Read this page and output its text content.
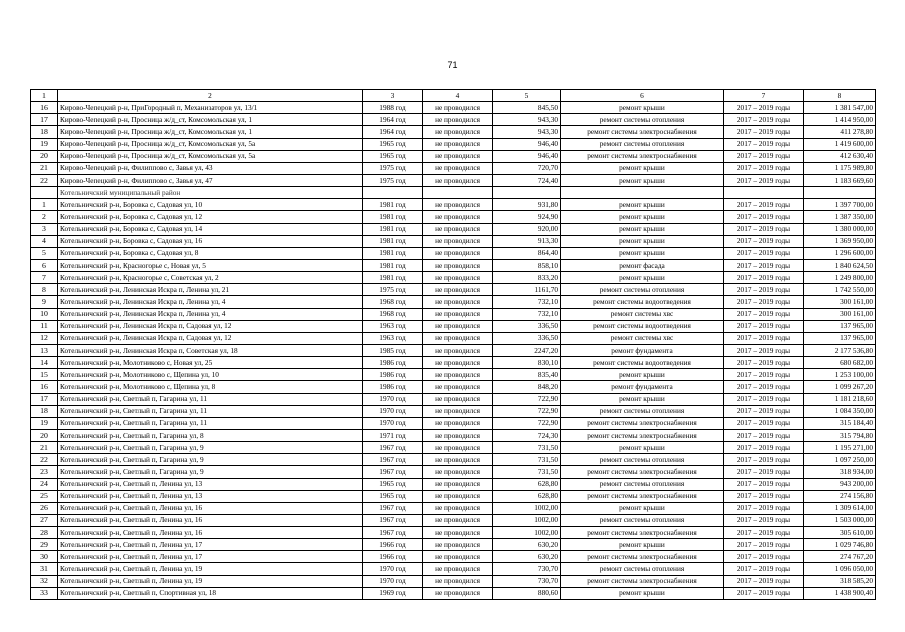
71
1	2	3	4	5	6	7	8
16	Кирово-Чепецкий р-н, ПриГородный п, Механизаторов ул, 13/1	1988 год	не проводился	845,50	ремонт крыши	2017 – 2019 годы	1 381 547,00
17	Кирово-Чепецкий р-н, Просница ж/д_ст, Комсомольская ул, 1	1964 год	не проводился	943,30	ремонт системы отопления	2017 – 2019 годы	1 414 950,00
18	Кирово-Чепецкий р-н, Просница ж/д_ст, Комсомольская ул, 1	1964 год	не проводился	943,30	ремонт системы электроснабжения	2017 – 2019 годы	411 278,80
19	Кирово-Чепецкий р-н, Просница ж/д_ст, Комсомольская ул, 5а	1965 год	не проводился	946,40	ремонт системы отопления	2017 – 2019 годы	1 419 600,00
20	Кирово-Чепецкий р-н, Просница ж/д_ст, Комсомольская ул, 5а	1965 год	не проводился	946,40	ремонт системы электроснабжения	2017 – 2019 годы	412 630,40
21	Кирово-Чепецкий р-н, Филиппово с, Завья ул, 43	1975 год	не проводился	720,70	ремонт крыши	2017 – 2019 годы	1 175 989,80
22	Кирово-Чепецкий р-н, Филиппово с, Завья ул, 47	1975 год	не проводился	724,40	ремонт крыши	2017 – 2019 годы	1 183 669,60
	Котельничский муниципальный район						
1	Котельничский р-н, Боровка с, Садовая ул, 10	1981 год	не проводился	931,80	ремонт крыши	2017 – 2019 годы	1 397 700,00
2	Котельничский р-н, Боровка с, Садовая ул, 12	1981 год	не проводился	924,90	ремонт крыши	2017 – 2019 годы	1 387 350,00
3	Котельничский р-н, Боровка с, Садовая ул, 14	1981 год	не проводился	920,00	ремонт крыши	2017 – 2019 годы	1 380 000,00
4	Котельничский р-н, Боровка с, Садовая ул, 16	1981 год	не проводился	913,30	ремонт крыши	2017 – 2019 годы	1 369 950,00
5	Котельничский р-н, Боровка с, Садовая ул, 8	1981 год	не проводился	864,40	ремонт крыши	2017 – 2019 годы	1 296 600,00
6	Котельничский р-н, Красногорье с, Новая ул, 5	1981 год	не проводился	858,10	ремонт фасада	2017 – 2019 годы	1 840 624,50
7	Котельничский р-н, Красногорье с, Советская ул, 2	1981 год	не проводился	833,20	ремонт крыши	2017 – 2019 годы	1 249 800,00
8	Котельничский р-н, Ленинская Искра п, Ленина ул, 21	1975 год	не проводился	1161,70	ремонт системы отопления	2017 – 2019 годы	1 742 550,00
9	Котельничский р-н, Ленинская Искра п, Ленина ул, 4	1968 год	не проводился	732,10	ремонт системы водоотведения	2017 – 2019 годы	300 161,00
10	Котельничский р-н, Ленинская Искра п, Ленина ул, 4	1968 год	не проводился	732,10	ремонт системы хвс	2017 – 2019 годы	300 161,00
11	Котельничский р-н, Ленинская Искра п, Садовая ул, 12	1963 год	не проводился	336,50	ремонт системы водоотведения	2017 – 2019 годы	137 965,00
12	Котельничский р-н, Ленинская Искра п, Садовая ул, 12	1963 год	не проводился	336,50	ремонт системы хвс	2017 – 2019 годы	137 965,00
13	Котельничский р-н, Ленинская Искра п, Советская ул, 18	1985 год	не проводился	2247,20	ремонт фундамента	2017 – 2019 годы	2 177 536,80
14	Котельничский р-н, Молотниково с, Новая ул, 25	1986 год	не проводился	830,10	ремонт системы водоотведения	2017 – 2019 годы	680 682,00
15	Котельничский р-н, Молотниково с, Щепина ул, 10	1986 год	не проводился	835,40	ремонт крыши	2017 – 2019 годы	1 253 100,00
16	Котельничский р-н, Молотниково с, Щепина ул, 8	1986 год	не проводился	848,20	ремонт фундамента	2017 – 2019 годы	1 099 267,20
17	Котельничский р-н, Светлый п, Гагарина ул, 11	1970 год	не проводился	722,90	ремонт крыши	2017 – 2019 годы	1 181 218,60
18	Котельничский р-н, Светлый п, Гагарина ул, 11	1970 год	не проводился	722,90	ремонт системы отопления	2017 – 2019 годы	1 084 350,00
19	Котельничский р-н, Светлый п, Гагарина ул, 11	1970 год	не проводился	722,90	ремонт системы электроснабжения	2017 – 2019 годы	315 184,40
20	Котельничский р-н, Светлый п, Гагарина ул, 8	1971 год	не проводился	724,30	ремонт системы электроснабжения	2017 – 2019 годы	315 794,80
21	Котельничский р-н, Светлый п, Гагарина ул, 9	1967 год	не проводился	731,50	ремонт крыши	2017 – 2019 годы	1 195 271,00
22	Котельничский р-н, Светлый п, Гагарина ул, 9	1967 год	не проводился	731,50	ремонт системы отопления	2017 – 2019 годы	1 097 250,00
23	Котельничский р-н, Светлый п, Гагарина ул, 9	1967 год	не проводился	731,50	ремонт системы электроснабжения	2017 – 2019 годы	318 934,00
24	Котельничский р-н, Светлый п, Ленина ул, 13	1965 год	не проводился	628,80	ремонт системы отопления	2017 – 2019 годы	943 200,00
25	Котельничский р-н, Светлый п, Ленина ул, 13	1965 год	не проводился	628,80	ремонт системы электроснабжения	2017 – 2019 годы	274 156,80
26	Котельничский р-н, Светлый п, Ленина ул, 16	1967 год	не проводился	1002,00	ремонт крыши	2017 – 2019 годы	1 309 614,00
27	Котельничский р-н, Светлый п, Ленина ул, 16	1967 год	не проводился	1002,00	ремонт системы отопления	2017 – 2019 годы	1 503 000,00
28	Котельничский р-н, Светлый п, Ленина ул, 16	1967 год	не проводился	1002,00	ремонт системы электроснабжения	2017 – 2019 годы	305 610,00
29	Котельничский р-н, Светлый п, Ленина ул, 17	1966 год	не проводился	630,20	ремонт крыши	2017 – 2019 годы	1 029 746,80
30	Котельничский р-н, Светлый п, Ленина ул, 17	1966 год	не проводился	630,20	ремонт системы электроснабжения	2017 – 2019 годы	274 767,20
31	Котельничский р-н, Светлый п, Ленина ул, 19	1970 год	не проводился	730,70	ремонт системы отопления	2017 – 2019 годы	1 096 050,00
32	Котельничский р-н, Светлый п, Ленина ул, 19	1970 год	не проводился	730,70	ремонт системы электроснабжения	2017 – 2019 годы	318 585,20
33	Котельничский р-н, Светлый п, Спортивная ул, 18	1969 год	не проводился	880,60	ремонт крыши	2017 – 2019 годы	1 438 900,40
